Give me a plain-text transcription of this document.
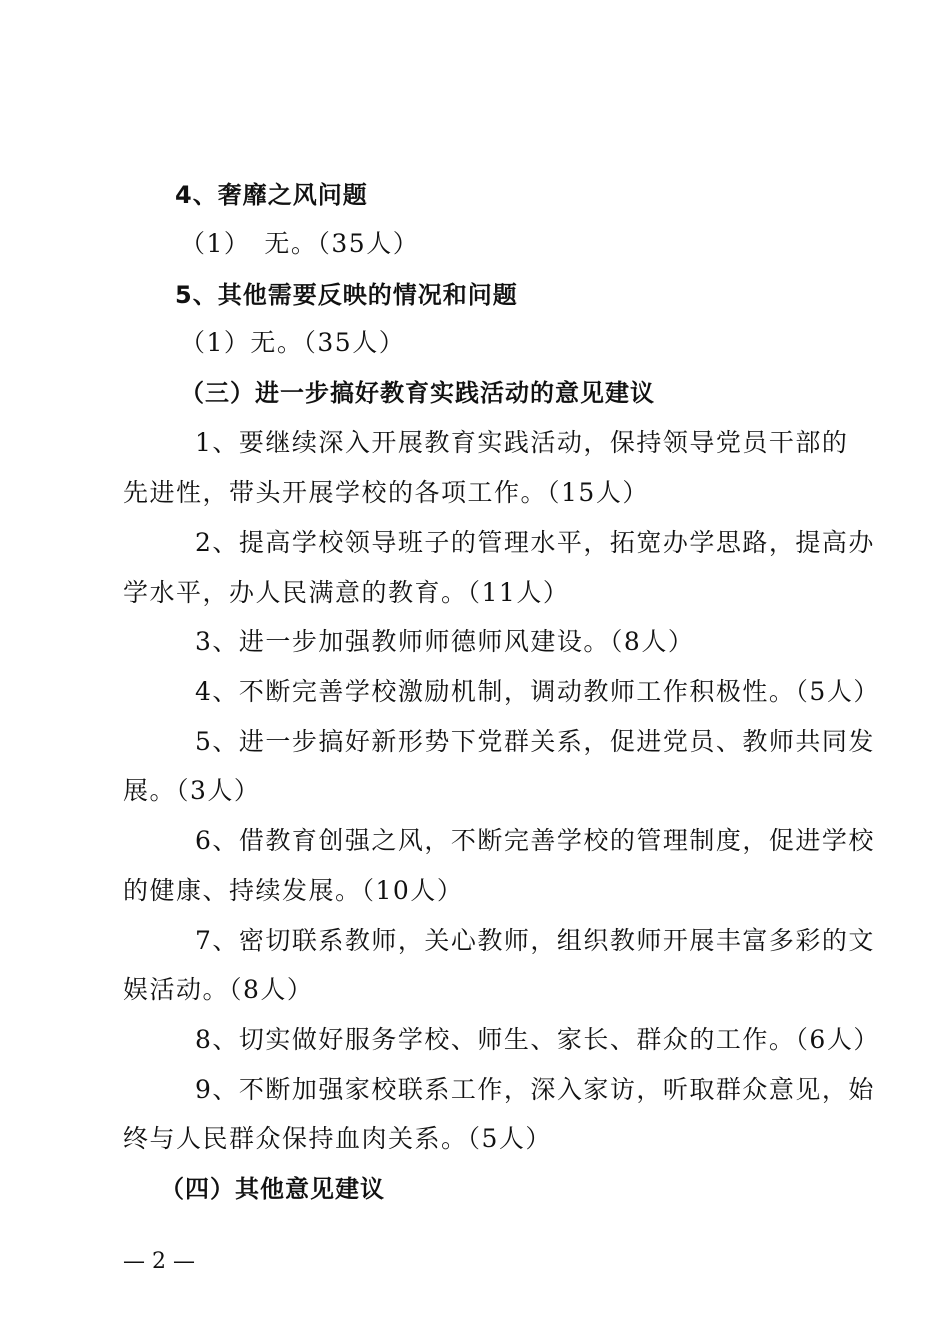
4、奢靡之风问题
（1）　无。（35人）
5、其他需要反映的情况和问题
（1）无。（35人）
（三）进一步搞好教育实践活动的意见建议
1、要继续深入开展教育实践活动，保持领导党员干部的
先进性，带头开展学校的各项工作。（15人）
2、提高学校领导班子的管理水平，拓宽办学思路，提高办
学水平，办人民满意的教育。（11人）
3、进一步加强教师师德师风建设。（8人）
4、不断完善学校激励机制，调动教师工作积极性。（5人）
5、进一步搞好新形势下党群关系，促进党员、教师共同发
展。（3人）
6、借教育创强之风，不断完善学校的管理制度，促进学校
的健康、持续发展。（10人）
7、密切联系教师，关心教师，组织教师开展丰富多彩的文
娱活动。（8人）
8、切实做好服务学校、师生、家长、群众的工作。（6人）
9、不断加强家校联系工作，深入家访，听取群众意见，始
终与人民群众保持血肉关系。（5人）
（四）其他意见建议
— 2 —
